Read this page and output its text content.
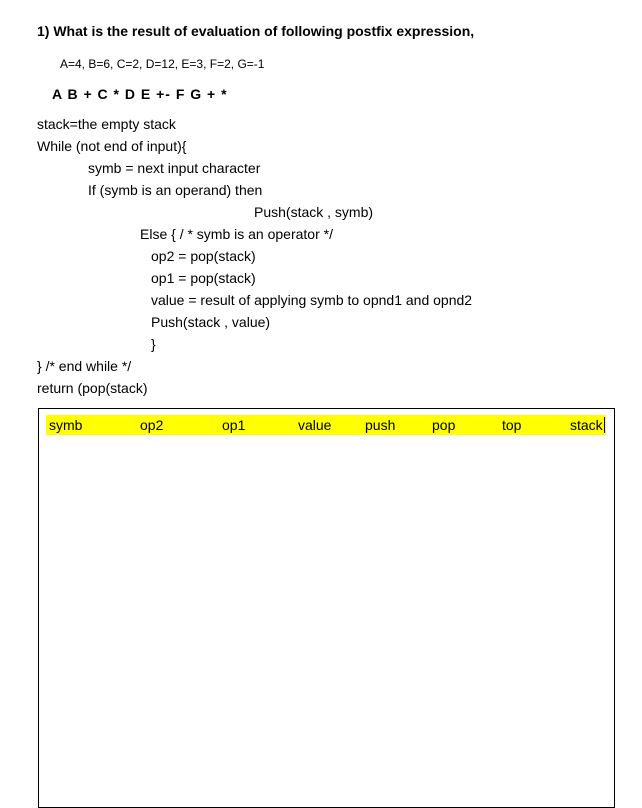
1) What is the result of evaluation of following postfix expression,
A=4, B=6, C=2, D=12, E=3, F=2, G=-1
A B + C * D E +- F G + *
stack=the empty stack
While (not end of input){
symb = next input character
If (symb is an operand) then
Push(stack , symb)
Else { / * symb is an operator */
op2 = pop(stack)
op1 = pop(stack)
value = result of applying symb to opnd1 and opnd2
Push(stack , value)
}
} /* end while */
return (pop(stack)
symb	op2	op1	value push	pop	top	stack
